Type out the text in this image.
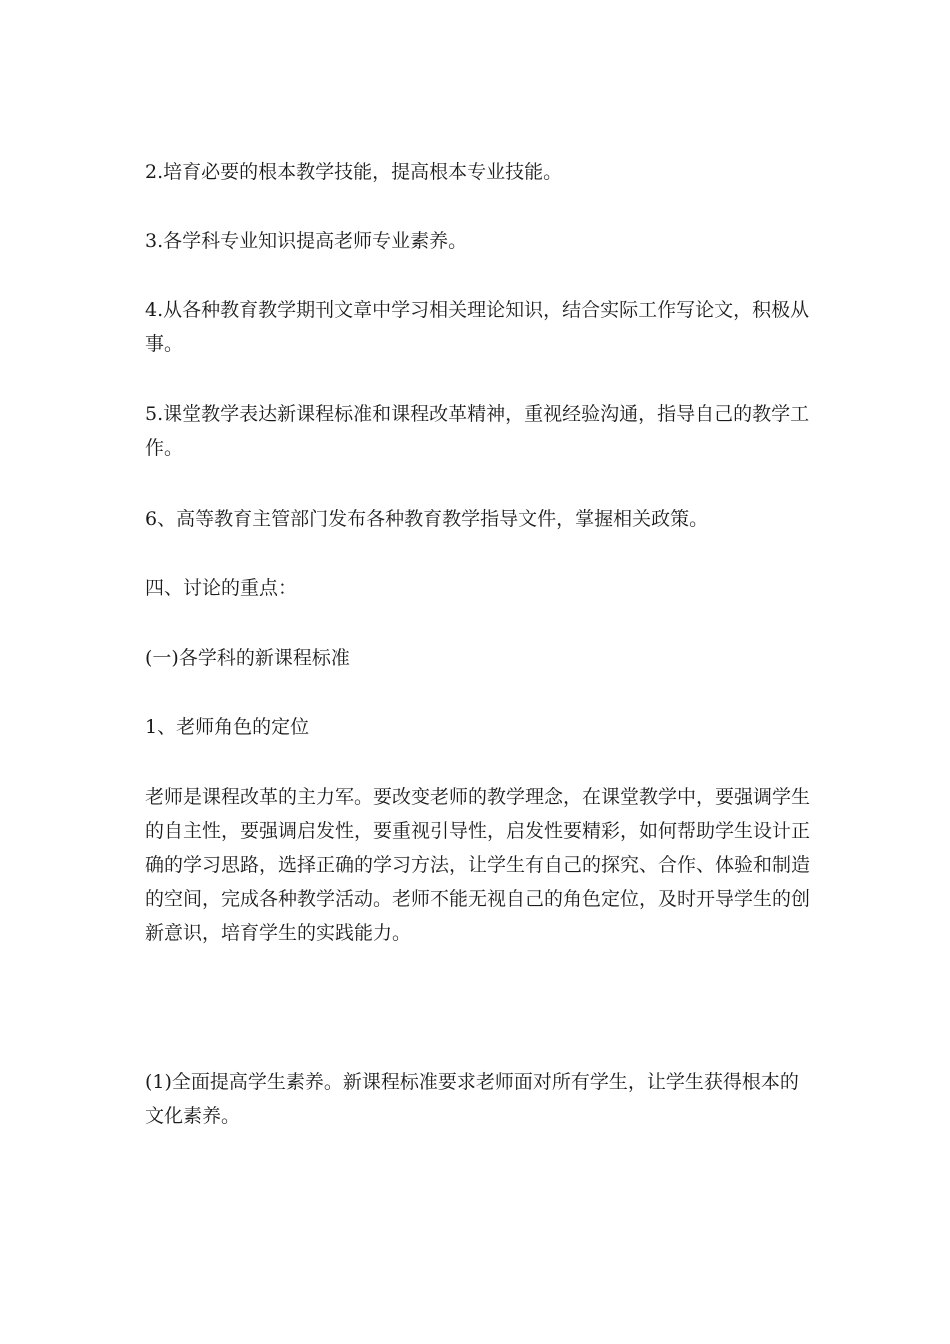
2.培育必要的根本教学技能，提高根本专业技能。

3.各学科专业知识提高老师专业素养。

4.从各种教育教学期刊文章中学习相关理论知识，结合实际工作写论文，积极从事。

5.课堂教学表达新课程标准和课程改革精神，重视经验沟通，指导自己的教学工作。

6、高等教育主管部门发布各种教育教学指导文件，掌握相关政策。

四、讨论的重点：

(一)各学科的新课程标准

1、老师角色的定位

老师是课程改革的主力军。要改变老师的教学理念，在课堂教学中，要强调学生的自主性，要强调启发性，要重视引导性，启发性要精彩，如何帮助学生设计正确的学习思路，选择正确的学习方法，让学生有自己的探究、合作、体验和制造的空间，完成各种教学活动。老师不能无视自己的角色定位，及时开导学生的创新意识，培育学生的实践能力。

(1)全面提高学生素养。新课程标准要求老师面对所有学生，让学生获得根本的文化素养。
